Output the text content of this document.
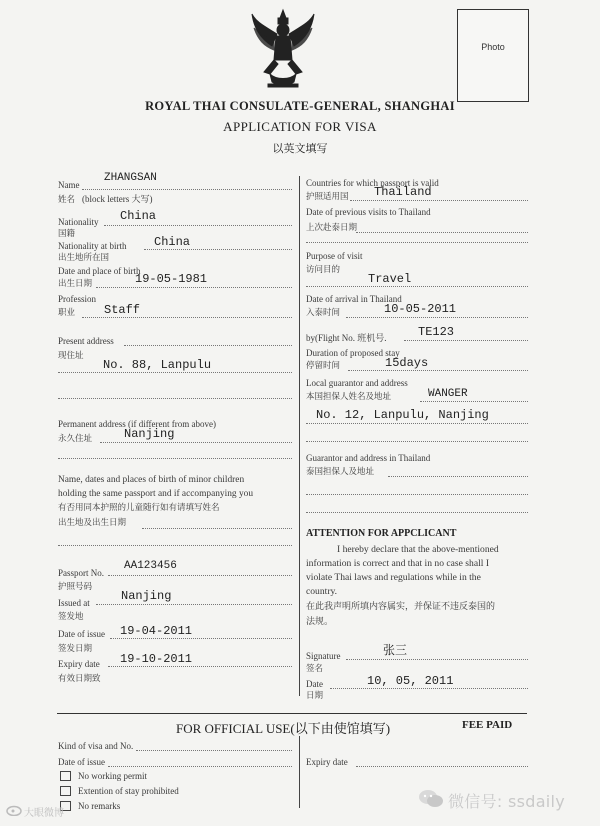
Photo
ROYAL THAI CONSULATE-GENERAL, SHANGHAI
APPLICATION FOR VISA
以英文填写
Name
ZHANGSAN
姓名 (block letters 大写)
Nationality China
国籍
Nationality at birth China
出生地所在国
Date and place of birth
出生日期	19-05-1981
Profession
职业 Staff
Present address
现住址
No. 88, Lanpulu
Permanent address (if different from above)
永久住址	Nanjing
Name, dates and places of birth of minor children
holding the same passport and if accompanying you
有否用同本护照的儿童随行如有请填写姓名
出生地及出生日期
Passport No.
AA123456
护照号码
Issued at	Nanjing
签发地
Date of issue 19-04-2011
签发日期
Expiry date 19-10-2011
有效日期致
Countries for which passport is valid
护照适用国 Thailand
Date of previous visits to Thailand
上次赴泰日期
Purpose of visit
访问目的
Travel
Date of arrival in Thailand
入泰时间	10-05-2011
by(Flight No. 班机号.	TE123
Duration of proposed stay
停留时间	15days
Local guarantor and address
本国担保人姓名及地址	WANGER
No. 12, Lanpulu, Nanjing
Guarantor and address in Thailand
泰国担保人及地址
ATTENTION FOR APPCLICANT
I hereby declare that the above-mentioned
information is correct and that in no case shall I
violate Thai laws and regulations while in the
country.
在此我声明所填内容属实，并保证不违反泰国的
法规。
Signature	张三
签名
Date	10, 05, 2011
日期
FOR OFFICIAL USE(以下由使馆填写)	FEE PAID
Kind of visa and No.
Date of issue	Expiry date
No working permit
Extention of stay prohibited
No remarks
大眼微博
微信号: ssdaily
